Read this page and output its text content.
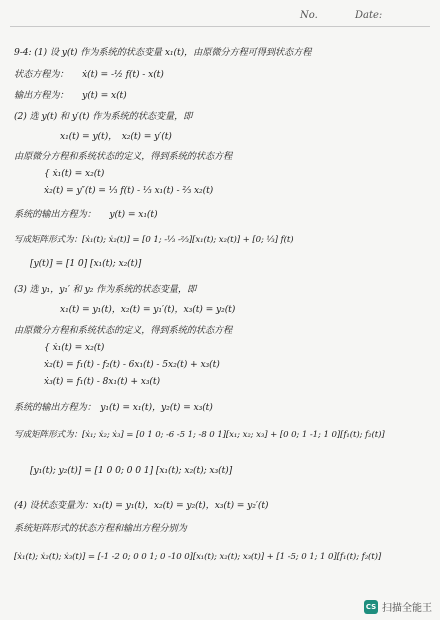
No.	Date:
9-4: (1) 设 y(t) 作为系统的状态变量 x₁(t)，由原微分方程可得到状态方程
状态方程为：　　ẋ(t) = -½ f(t) - x(t)
输出方程为：　　y(t) = x(t)
(2) 选 y(t) 和 y′(t) 作为系统的状态变量，即
x₁(t) = y(t)，　x₂(t) = y′(t)
由原微分方程和系统状态的定义，得到系统的状态方程
{ ẋ₁(t) = x₂(t)
ẋ₂(t) = y″(t) = ⅓ f(t) - ⅓ x₁(t) - ⅔ x₂(t)
系统的输出方程为：　　y(t) = x₁(t)
写成矩阵形式为：[ẋ₁(t); ẋ₂(t)] = [0 1; -⅓ -⅔][x₁(t); x₂(t)] + [0; ⅓] f(t)
[y(t)] = [1 0] [x₁(t); x₂(t)]
(3) 选 y₁，y₁′ 和 y₂ 作为系统的状态变量，即
x₁(t) = y₁(t)，x₂(t) = y₁′(t)，x₃(t) = y₂(t)
由原微分方程和系统状态的定义，得到系统的状态方程
{ ẋ₁(t) = x₂(t)
ẋ₂(t) = f₁(t) - f₂(t) - 6x₁(t) - 5x₂(t) + x₃(t)
ẋ₃(t) = f₁(t) - 8x₁(t) + x₃(t)
系统的输出方程为：　y₁(t) = x₁(t)，y₂(t) = x₃(t)
写成矩阵形式为：[ẋ₁; ẋ₂; ẋ₃] = [0 1 0; -6 -5 1; -8 0 1][x₁; x₂; x₃] + [0 0; 1 -1; 1 0][f₁(t); f₂(t)]
[y₁(t); y₂(t)] = [1 0 0; 0 0 1] [x₁(t); x₂(t); x₃(t)]
(4) 设状态变量为：x₁(t) = y₁(t)，x₂(t) = y₂(t)，x₃(t) = y₂′(t)
系统矩阵形式的状态方程和输出方程分别为
[ẋ₁(t); ẋ₂(t); ẋ₃(t)] = [-1 -2 0; 0 0 1; 0 -10 0][x₁(t); x₂(t); x₃(t)] + [1 -5; 0 1; 1 0][f₁(t); f₂(t)]
CS 扫描全能王
